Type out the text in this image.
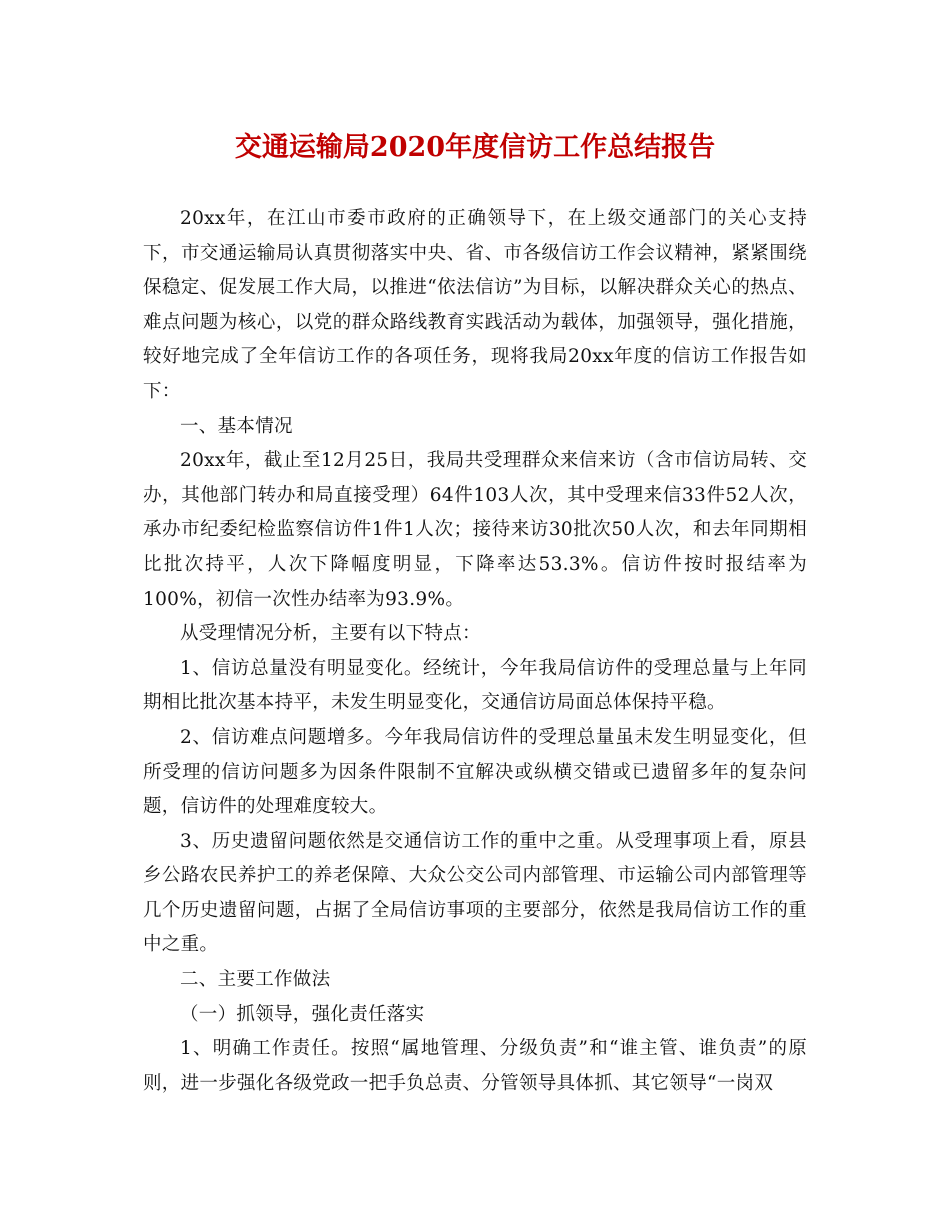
交通运输局2020年度信访工作总结报告

20xx年，在江山市委市政府的正确领导下，在上级交通部门的关心支持下，市交通运输局认真贯彻落实中央、省、市各级信访工作会议精神，紧紧围绕保稳定、促发展工作大局，以推进“依法信访”为目标，以解决群众关心的热点、难点问题为核心，以党的群众路线教育实践活动为载体，加强领导，强化措施，较好地完成了全年信访工作的各项任务，现将我局20xx年度的信访工作报告如下：

一、基本情况

20xx年，截止至12月25日，我局共受理群众来信来访（含市信访局转、交办，其他部门转办和局直接受理）64件103人次，其中受理来信33件52人次，承办市纪委纪检监察信访件1件1人次；接待来访30批次50人次，和去年同期相比批次持平，人次下降幅度明显，下降率达53.3%。信访件按时报结率为100%，初信一次性办结率为93.9%。

从受理情况分析，主要有以下特点：

1、信访总量没有明显变化。经统计，今年我局信访件的受理总量与上年同期相比批次基本持平，未发生明显变化，交通信访局面总体保持平稳。

2、信访难点问题增多。今年我局信访件的受理总量虽未发生明显变化，但所受理的信访问题多为因条件限制不宜解决或纵横交错或已遗留多年的复杂问题，信访件的处理难度较大。

3、历史遗留问题依然是交通信访工作的重中之重。从受理事项上看，原县乡公路农民养护工的养老保障、大众公交公司内部管理、市运输公司内部管理等几个历史遗留问题，占据了全局信访事项的主要部分，依然是我局信访工作的重中之重。

二、主要工作做法

（一）抓领导，强化责任落实

1、明确工作责任。按照“属地管理、分级负责”和“谁主管、谁负责”的原则，进一步强化各级党政一把手负总责、分管领导具体抓、其它领导“一岗双
